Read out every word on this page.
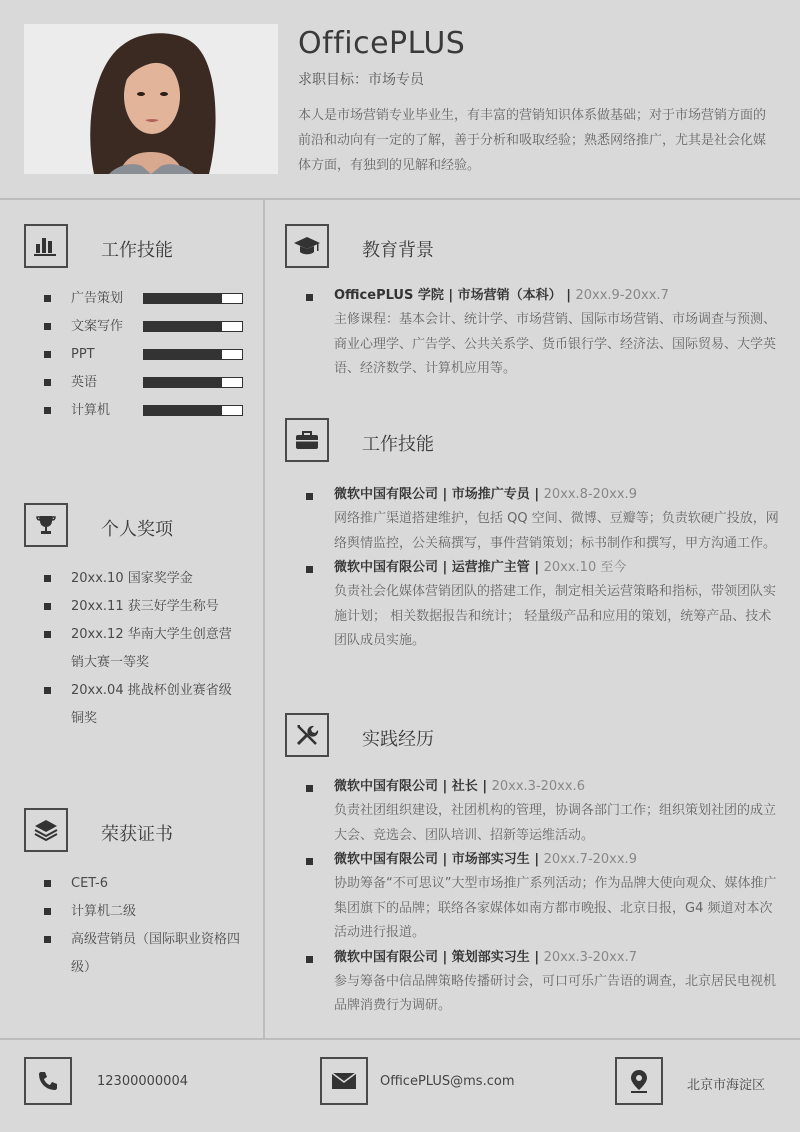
OfficePLUS
求职目标：市场专员
本人是市场营销专业毕业生，有丰富的营销知识体系做基础；对于市场营销方面的前沿和动向有一定的了解，善于分析和吸取经验；熟悉网络推广，尤其是社会化媒体方面，有独到的见解和经验。
工作技能
广告策划
文案写作
PPT
英语
计算机
个人奖项
20xx.10 国家奖学金
20xx.11 获三好学生称号
20xx.12 华南大学生创意营销大赛一等奖
20xx.04 挑战杯创业赛省级铜奖
荣获证书
CET-6
计算机二级
高级营销员（国际职业资格四级）
教育背景
OfficePLUS 学院 | 市场营销（本科） | 20xx.9-20xx.7
主修课程：基本会计、统计学、市场营销、国际市场营销、市场调查与预测、商业心理学、广告学、公共关系学、货币银行学、经济法、国际贸易、大学英语、经济数学、计算机应用等。
工作技能
微软中国有限公司 | 市场推广专员 | 20xx.8-20xx.9
网络推广渠道搭建维护，包括 QQ 空间、微博、豆瓣等；负责软硬广投放，网络舆情监控，公关稿撰写，事件营销策划；标书制作和撰写，甲方沟通工作。
微软中国有限公司 | 运营推广主管 | 20xx.10 至今
负责社会化媒体营销团队的搭建工作，制定相关运营策略和指标，带领团队实施计划； 相关数据报告和统计； 轻量级产品和应用的策划，统筹产品、技术团队成员实施。
实践经历
微软中国有限公司 | 社长 | 20xx.3-20xx.6
负责社团组织建设，社团机构的管理，协调各部门工作；组织策划社团的成立大会、竞选会、团队培训、招新等运维活动。
微软中国有限公司 | 市场部实习生 | 20xx.7-20xx.9
协助筹备“不可思议”大型市场推广系列活动；作为品牌大使向观众、媒体推广集团旗下的品牌；联络各家媒体如南方都市晚报、北京日报，G4 频道对本次活动进行报道。
微软中国有限公司 | 策划部实习生 | 20xx.3-20xx.7
参与筹备中信品牌策略传播研讨会，可口可乐广告语的调查，北京居民电视机品牌消费行为调研。
12300000004	OfficePLUS@ms.com	北京市海淀区
